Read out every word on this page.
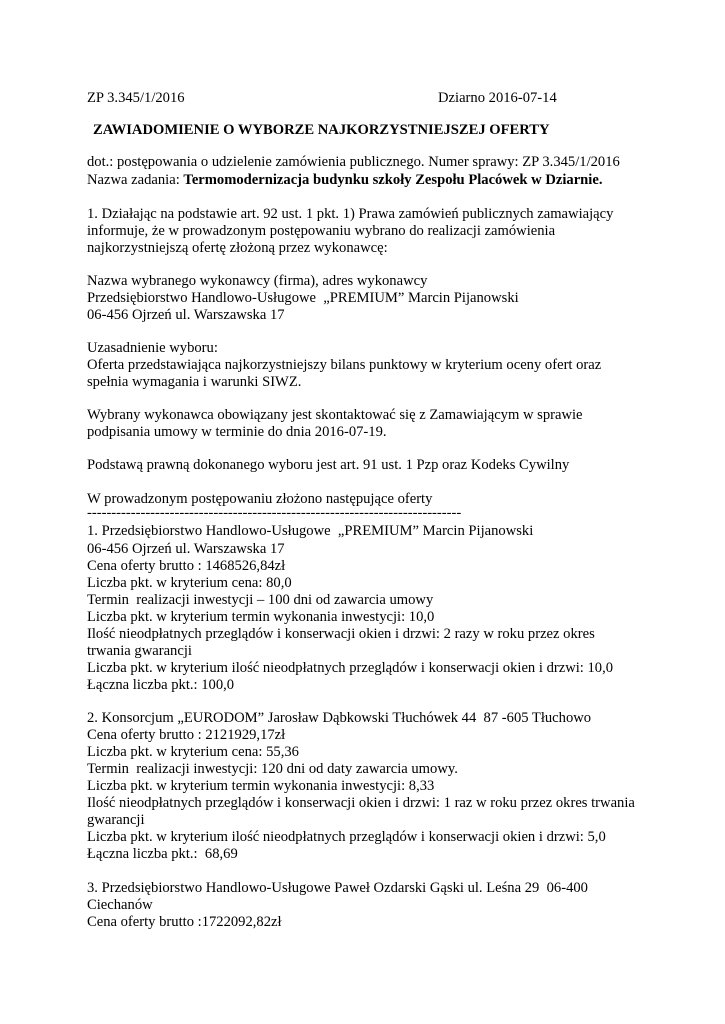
ZP 3.345/1/2016	Dziarno 2016-07-14
ZAWIADOMIENIE O WYBORZE NAJKORZYSTNIEJSZEJ OFERTY
dot.: postępowania o udzielenie zamówienia publicznego. Numer sprawy: ZP 3.345/1/2016
Nazwa zadania: Termomodernizacja budynku szkoły Zespołu Placówek w Dziarnie.
1. Działając na podstawie art. 92 ust. 1 pkt. 1) Prawa zamówień publicznych zamawiający
informuje, że w prowadzonym postępowaniu wybrano do realizacji zamówienia
najkorzystniejszą ofertę złożoną przez wykonawcę:
Nazwa wybranego wykonawcy (firma), adres wykonawcy
Przedsiębiorstwo Handlowo-Usługowe  „PREMIUM” Marcin Pijanowski
06-456 Ojrzeń ul. Warszawska 17
Uzasadnienie wyboru:
Oferta przedstawiająca najkorzystniejszy bilans punktowy w kryterium oceny ofert oraz
spełnia wymagania i warunki SIWZ.
Wybrany wykonawca obowiązany jest skontaktować się z Zamawiającym w sprawie
podpisania umowy w terminie do dnia 2016-07-19.
Podstawą prawną dokonanego wyboru jest art. 91 ust. 1 Pzp oraz Kodeks Cywilny
W prowadzonym postępowaniu złożono następujące oferty
-----------------------------------------------------------------------------
1. Przedsiębiorstwo Handlowo-Usługowe  „PREMIUM” Marcin Pijanowski
06-456 Ojrzeń ul. Warszawska 17
Cena oferty brutto : 1468526,84zł
Liczba pkt. w kryterium cena: 80,0
Termin  realizacji inwestycji – 100 dni od zawarcia umowy
Liczba pkt. w kryterium termin wykonania inwestycji: 10,0
Ilość nieodpłatnych przeglądów i konserwacji okien i drzwi: 2 razy w roku przez okres
trwania gwarancji
Liczba pkt. w kryterium ilość nieodpłatnych przeglądów i konserwacji okien i drzwi: 10,0
Łączna liczba pkt.: 100,0
2. Konsorcjum „EURODOM” Jarosław Dąbkowski Tłuchówek 44  87 -605 Tłuchowo
Cena oferty brutto : 2121929,17zł
Liczba pkt. w kryterium cena: 55,36
Termin  realizacji inwestycji: 120 dni od daty zawarcia umowy.
Liczba pkt. w kryterium termin wykonania inwestycji: 8,33
Ilość nieodpłatnych przeglądów i konserwacji okien i drzwi: 1 raz w roku przez okres trwania
gwarancji
Liczba pkt. w kryterium ilość nieodpłatnych przeglądów i konserwacji okien i drzwi: 5,0
Łączna liczba pkt.:  68,69
3. Przedsiębiorstwo Handlowo-Usługowe Paweł Ozdarski Gąski ul. Leśna 29  06-400
Ciechanów
Cena oferty brutto :1722092,82zł
